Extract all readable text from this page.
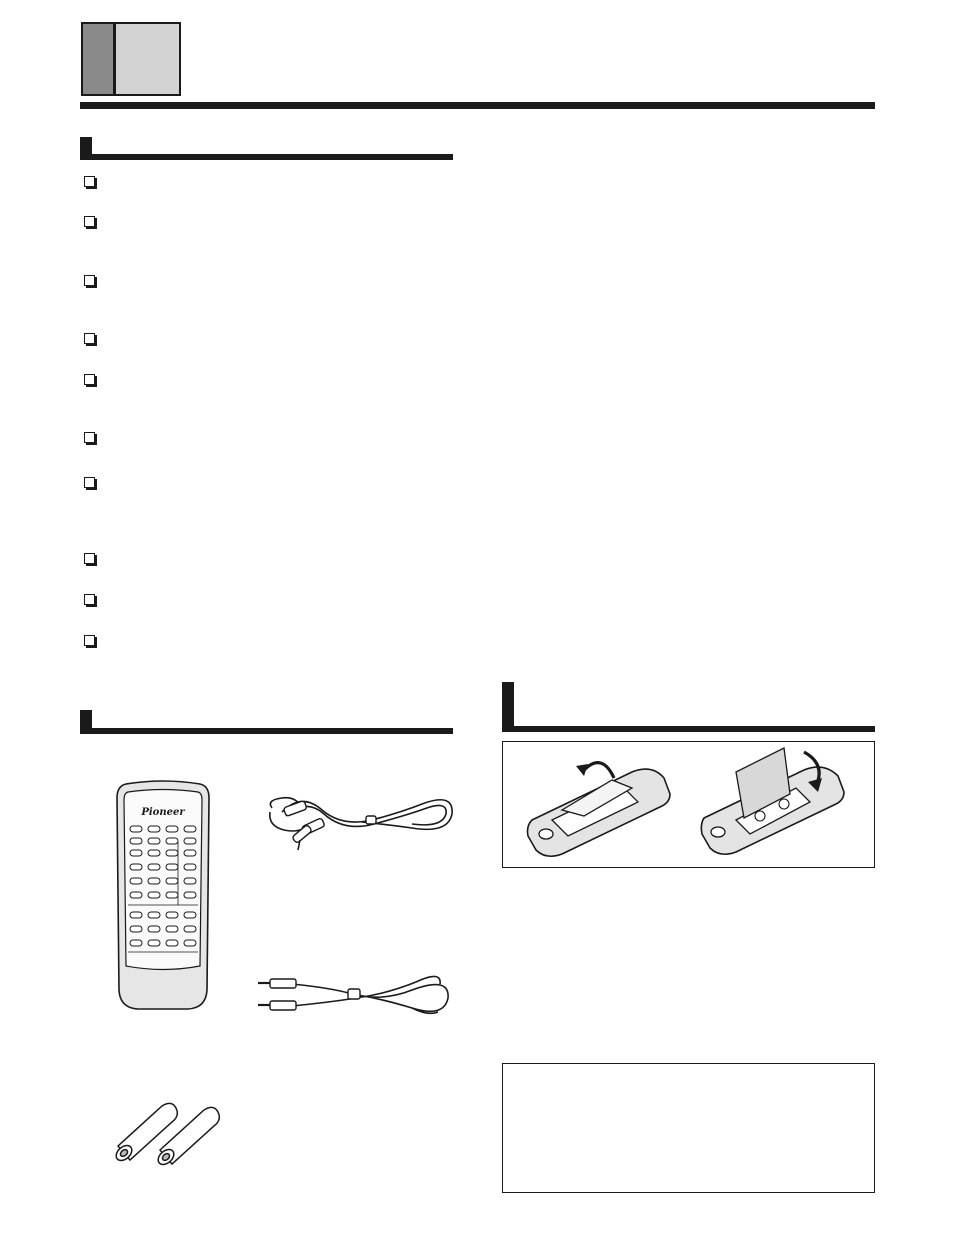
Pioneer
